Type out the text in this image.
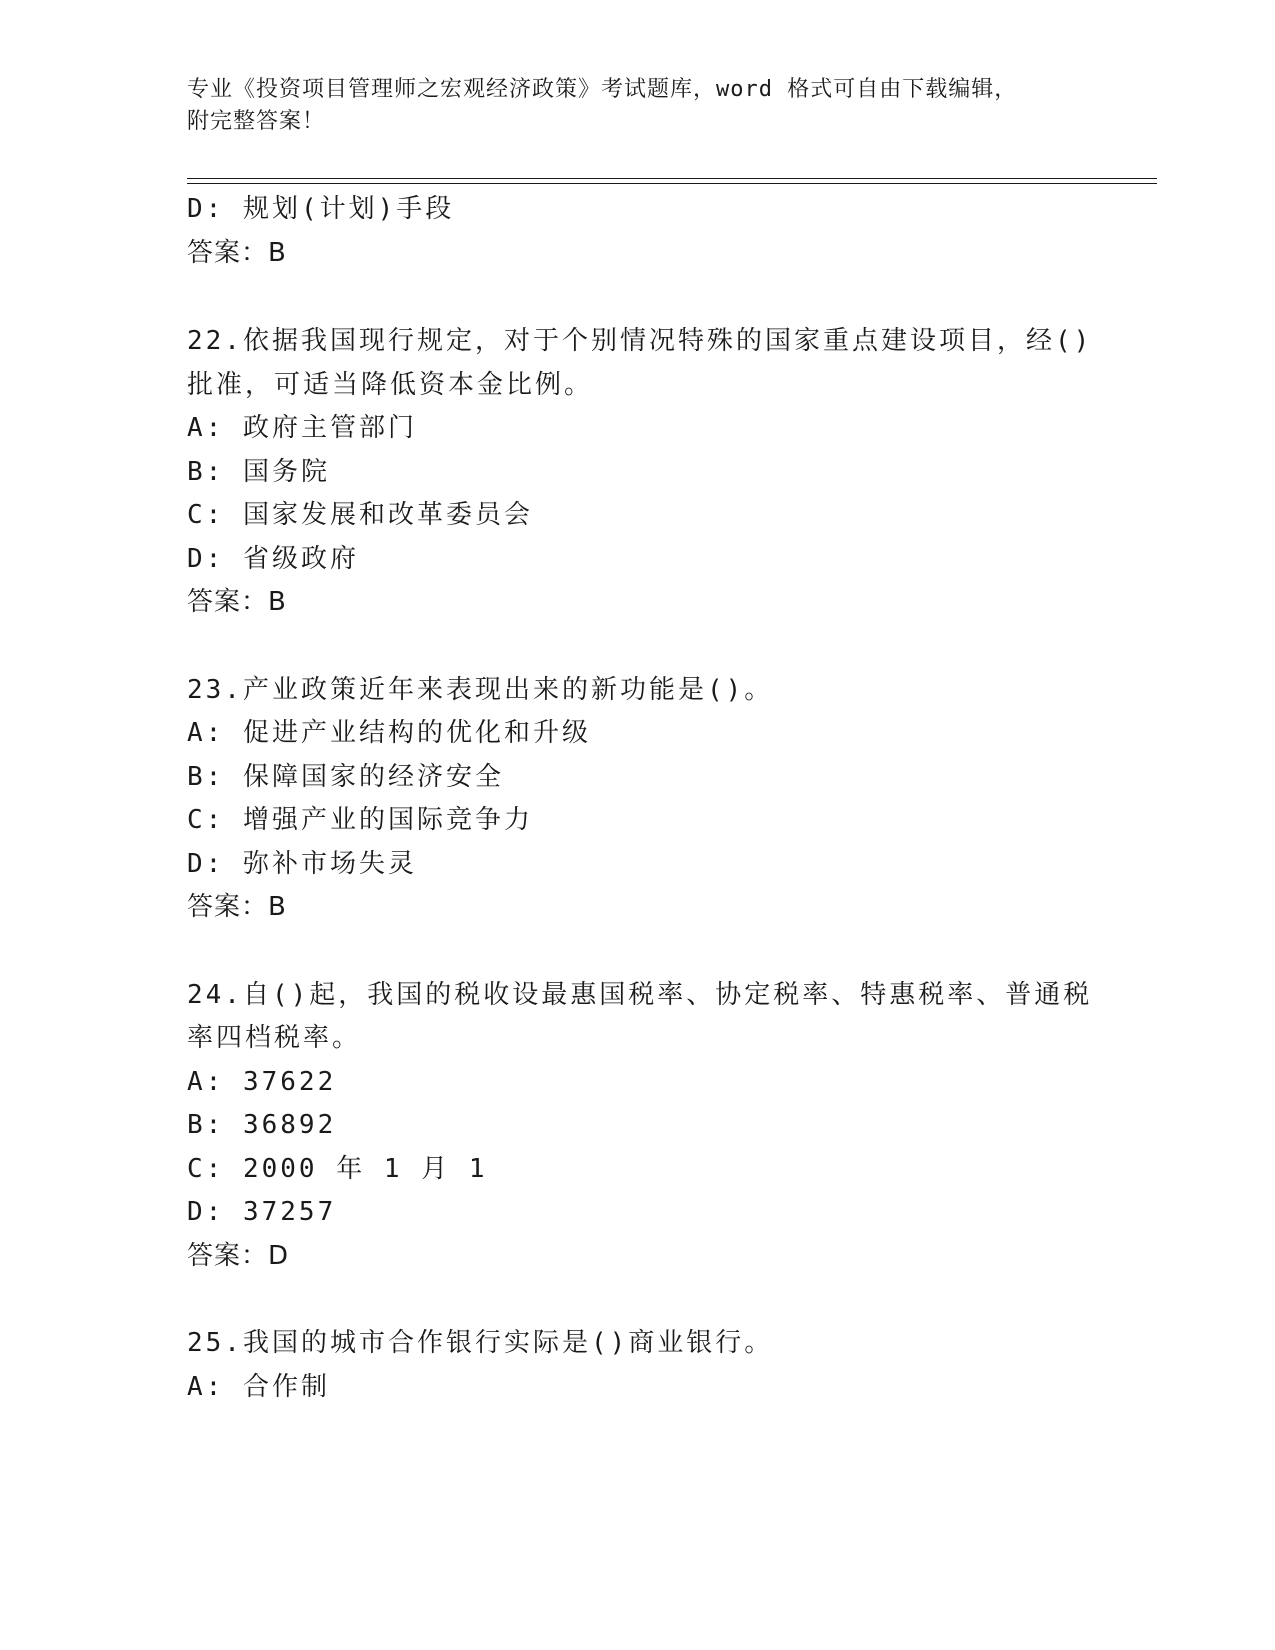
专业《投资项目管理师之宏观经济政策》考试题库，word 格式可自由下载编辑，
附完整答案！
D: 规划(计划)手段
答案：B
22.依据我国现行规定，对于个别情况特殊的国家重点建设项目，经()
批准，可适当降低资本金比例。
A: 政府主管部门
B: 国务院
C: 国家发展和改革委员会
D: 省级政府
答案：B
23.产业政策近年来表现出来的新功能是()。
A: 促进产业结构的优化和升级
B: 保障国家的经济安全
C: 增强产业的国际竞争力
D: 弥补市场失灵
答案：B
24.自()起，我国的税收设最惠国税率、协定税率、特惠税率、普通税
率四档税率。
A: 37622
B: 36892
C: 2000 年 1 月 1
D: 37257
答案：D
25.我国的城市合作银行实际是()商业银行。
A: 合作制
